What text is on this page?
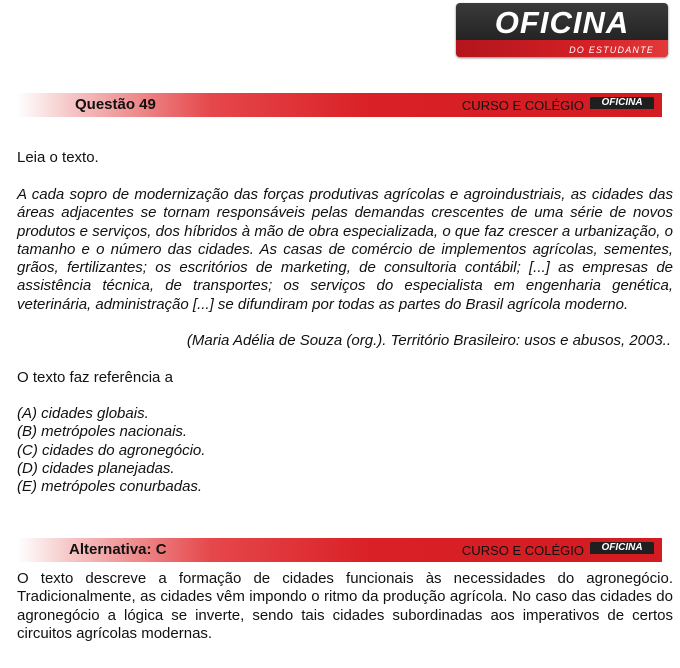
OFICINA
DO ESTUDANTE
Questão 49	CURSO E COLÉGIO	OFICINA
Leia o texto.
A cada sopro de modernização das forças produtivas agrícolas e agroindustriais, as cidades das áreas adjacentes se tornam responsáveis pelas demandas crescentes de uma série de novos produtos e serviços, dos híbridos à mão de obra especializada, o que faz crescer a urbanização, o tamanho e o número das cidades. As casas de comércio de implementos agrícolas, sementes, grãos, fertilizantes; os escritórios de marketing, de consultoria contábil; [...] as empresas de assistência técnica, de transportes; os serviços do especialista em engenharia genética, veterinária, administração [...] se difundiram por todas as partes do Brasil agrícola moderno.
(Maria Adélia de Souza (org.). Território Brasileiro: usos e abusos, 2003..
O texto faz referência a
(A) cidades globais.
(B) metrópoles nacionais.
(C) cidades do agronegócio.
(D) cidades planejadas.
(E) metrópoles conurbadas.
Alternativa: C	CURSO E COLÉGIO	OFICINA
O texto descreve a formação de cidades funcionais às necessidades do agronegócio. Tradicionalmente, as cidades vêm impondo o ritmo da produção agrícola. No caso das cidades do agronegócio a lógica se inverte, sendo tais cidades subordinadas aos imperativos de certos circuitos agrícolas modernas.
